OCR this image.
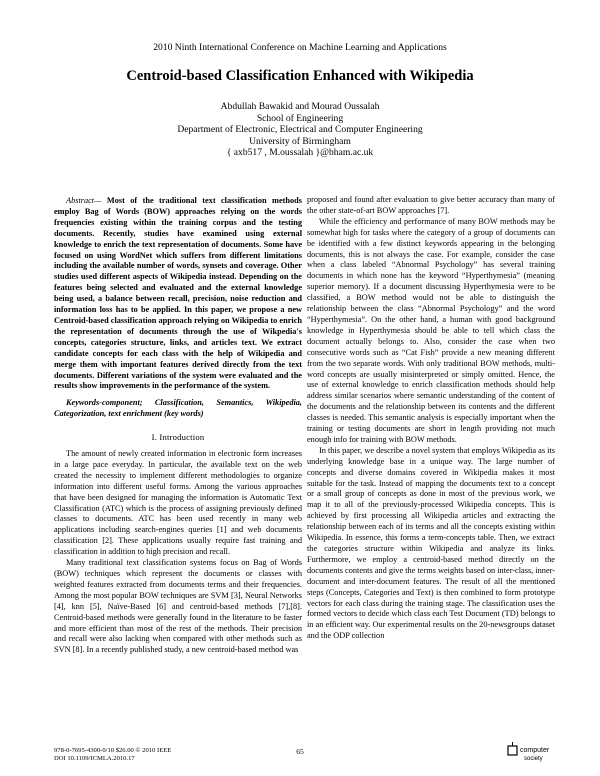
2010 Ninth International Conference on Machine Learning and Applications
Centroid-based Classification Enhanced with Wikipedia
Abdullah Bawakid and Mourad Oussalah
School of Engineering
Department of Electronic, Electrical and Computer Engineering
University of Birmingham
{ axb517 , M.oussalah }@bham.ac.uk

Abstract— Most of the traditional text classification methods employ Bag of Words (BOW) approaches relying on the words frequencies existing within the training corpus and the testing documents. Recently, studies have examined using external knowledge to enrich the text representation of documents. Some have focused on using WordNet which suffers from different limitations including the available number of words, synsets and coverage. Other studies used different aspects of Wikipedia instead. Depending on the features being selected and evaluated and the external knowledge being used, a balance between recall, precision, noise reduction and information loss has to be applied. In this paper, we propose a new Centroid-based classification approach relying on Wikipedia to enrich the representation of documents through the use of Wikpedia's concepts, categories structure, links, and articles text. We extract candidate concepts for each class with the help of Wikipedia and merge them with important features derived directly from the text documents. Different variations of the system were evaluated and the results show improvements in the performance of the system.

Keywords-component; Classification, Semantics, Wikipedia, Categorization, text enrichment (key words)

I. Introduction

The amount of newly created information in electronic form increases in a large pace everyday. In particular, the available text on the web created the necessity to implement different methodologies to organize information into different useful forms. Among the various approaches that have been designed for managing the information is Automatic Text Classification (ATC) which is the process of assigning previously defined classes to documents. ATC has been used recently in many web applications including search-engines queries [1] and web documents classification [2]. These applications usually require fast training and classification in addition to high precision and recall.

Many traditional text classification systems focus on Bag of Words (BOW) techniques which represent the documents or classes with weighted features extracted from documents terms and their frequencies. Among the most popular BOW techniques are SVM [3], Neural Networks [4], knn [5], Naïve-Based [6] and centroid-based methods [7],[8]. Centroid-based methods were generally found in the literature to be faster and more efficient than most of the rest of the methods. Their precision and recall were also lacking when compared with other methods such as SVN [8]. In a recently published study, a new centroid-based method was

proposed and found after evaluation to give better accuracy than many of the other state-of-art BOW approaches [7].

While the efficiency and performance of many BOW methods may be somewhat high for tasks where the category of a group of documents can be identified with a few distinct keywords appearing in the belonging documents, this is not always the case. For example, consider the case when a class labeled “Abnormal Psychology” has several training documents in which none has the keyword “Hyperthymesia” (meaning superior memory). If a document discussing Hyperthymesia were to be classified, a BOW method would not be able to distinguish the relationship between the class “Abnormal Psychology” and the word “Hyperthymesia”. On the other hand, a human with good background knowledge in Hyperthymesia should be able to tell which class the document actually belongs to. Also, consider the case when two consecutive words such as “Cat Fish” provide a new meaning different from the two separate words. With only traditional BOW methods, multi-word concepts are usually misinterpreted or simply omitted. Hence, the use of external knowledge to enrich classification methods should help address similar scenarios where semantic understanding of the content of the documents and the relationship between its contents and the different classes is needed. This semantic analysis is especially important when the training or testing documents are short in length providing not much enough info for training with BOW methods.

In this paper, we describe a novel system that employs Wikipedia as its underlying knowledge base in a unique way. The large number of concepts and diverse domains covered in Wikipedia makes it most suitable for the task. Instead of mapping the documents text to a concept or a small group of concepts as done in most of the previous work, we map it to all of the previously-processed Wikipedia concepts. This is achieved by first processing all Wikipedia articles and extracting the relationship between each of its terms and all the concepts existing within Wikipedia. In essence, this forms a term-concepts table. Then, we extract the categories structure within Wikipedia and analyze its links. Furthermore, we employ a centroid-based method directly on the documents contents and give the terms weights based on inter-class, inner-document and inter-document features. The result of all the mentioned steps (Concepts, Categories and Text) is then combined to form prototype vectors for each class during the training stage. The classification uses the formed vectors to decide which class each Test Document (TD) belongs to in an efficient way. Our experimental results on the 20-newsgroups dataset and the ODP collection

978-0-7695-4300-0/10 $26.00 © 2010 IEEE
DOI 10.1109/ICMLA.2010.17
65	computer
society
